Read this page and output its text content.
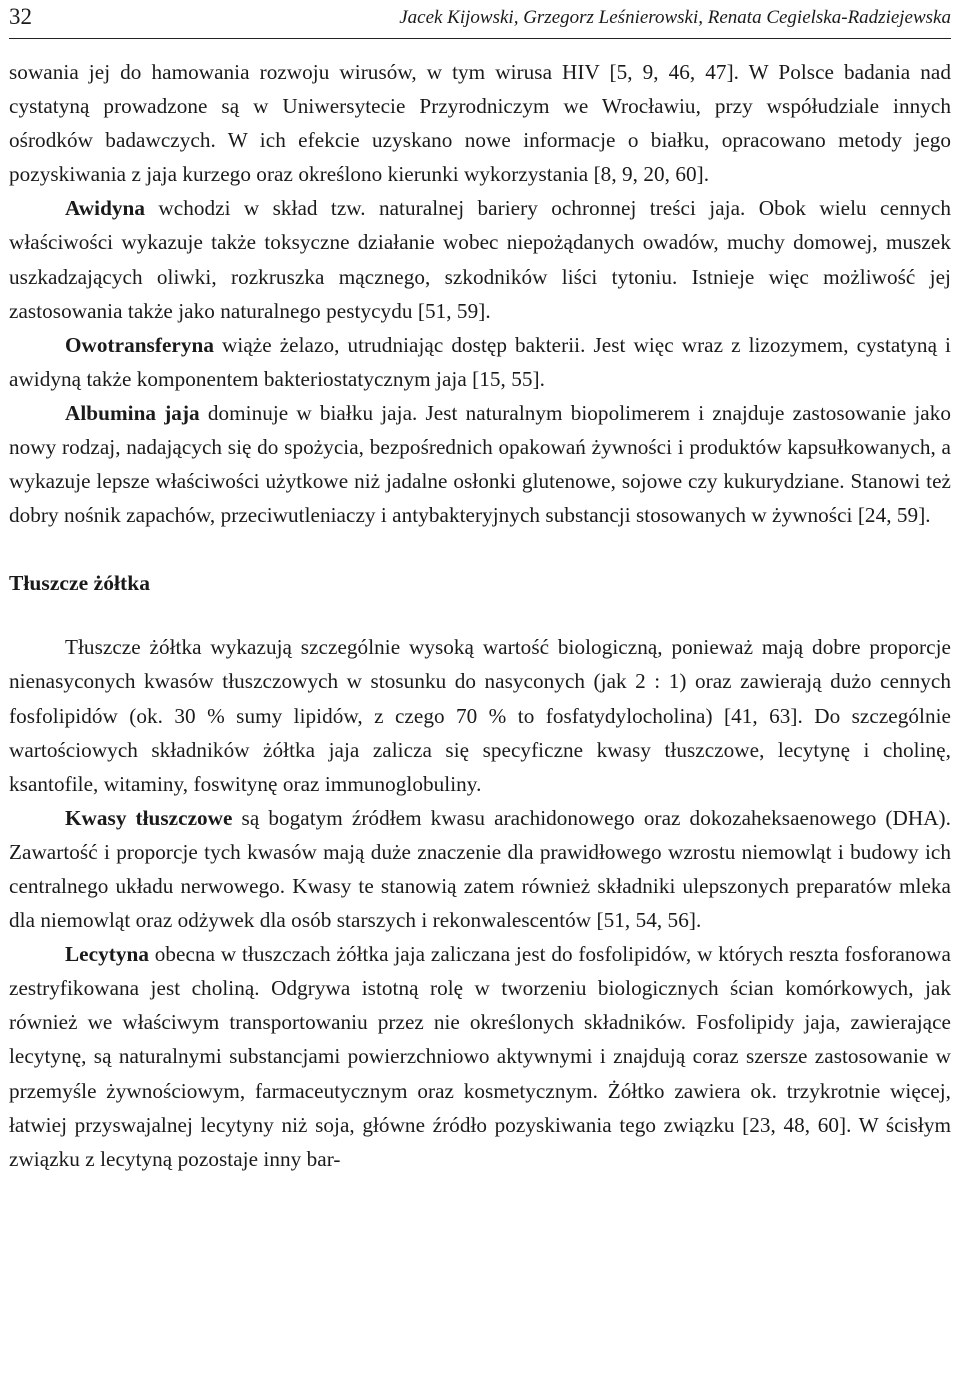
32	Jacek Kijowski, Grzegorz Leśnierowski, Renata Cegielska-Radziejewska

sowania jej do hamowania rozwoju wirusów, w tym wirusa HIV [5, 9, 46, 47]. W Polsce badania nad cystatyną prowadzone są w Uniwersytecie Przyrodniczym we Wrocławiu, przy współudziale innych ośrodków badawczych. W ich efekcie uzyskano nowe informacje o białku, opracowano metody jego pozyskiwania z jaja kurzego oraz określono kierunki wykorzystania [8, 9, 20, 60].

Awidyna wchodzi w skład tzw. naturalnej bariery ochronnej treści jaja. Obok wielu cennych właściwości wykazuje także toksyczne działanie wobec niepożądanych owadów, muchy domowej, muszek uszkadzających oliwki, rozkruszka mącznego, szkodników liści tytoniu. Istnieje więc możliwość jej zastosowania także jako naturalnego pestycydu [51, 59].

Owotransferyna wiąże żelazo, utrudniając dostęp bakterii. Jest więc wraz z lizozymem, cystatyną i awidyną także komponentem bakteriostatycznym jaja [15, 55].

Albumina jaja dominuje w białku jaja. Jest naturalnym biopolimerem i znajduje zastosowanie jako nowy rodzaj, nadających się do spożycia, bezpośrednich opakowań żywności i produktów kapsułkowanych, a wykazuje lepsze właściwości użytkowe niż jadalne osłonki glutenowe, sojowe czy kukurydziane. Stanowi też dobry nośnik zapachów, przeciwutleniaczy i antybakteryjnych substancji stosowanych w żywności [24, 59].

Tłuszcze żółtka

Tłuszcze żółtka wykazują szczególnie wysoką wartość biologiczną, ponieważ mają dobre proporcje nienasyconych kwasów tłuszczowych w stosunku do nasyconych (jak 2 : 1) oraz zawierają dużo cennych fosfolipidów (ok. 30 % sumy lipidów, z czego 70 % to fosfatydylocholina) [41, 63]. Do szczególnie wartościowych składników żółtka jaja zalicza się specyficzne kwasy tłuszczowe, lecytynę i cholinę, ksantofile, witaminy, foswitynę oraz immunoglobuliny.

Kwasy tłuszczowe są bogatym źródłem kwasu arachidonowego oraz dokozaheksaenowego (DHA). Zawartość i proporcje tych kwasów mają duże znaczenie dla prawidłowego wzrostu niemowląt i budowy ich centralnego układu nerwowego. Kwasy te stanowią zatem również składniki ulepszonych preparatów mleka dla niemowląt oraz odżywek dla osób starszych i rekonwalescentów [51, 54, 56].

Lecytyna obecna w tłuszczach żółtka jaja zaliczana jest do fosfolipidów, w których reszta fosforanowa zestryfikowana jest choliną. Odgrywa istotną rolę w tworzeniu biologicznych ścian komórkowych, jak również we właściwym transportowaniu przez nie określonych składników. Fosfolipidy jaja, zawierające lecytynę, są naturalnymi substancjami powierzchniowo aktywnymi i znajdują coraz szersze zastosowanie w przemyśle żywnościowym, farmaceutycznym oraz kosmetycznym. Żółtko zawiera ok. trzykrotnie więcej, łatwiej przyswajalnej lecytyny niż soja, główne źródło pozyskiwania tego związku [23, 48, 60]. W ścisłym związku z lecytyną pozostaje inny bar-
